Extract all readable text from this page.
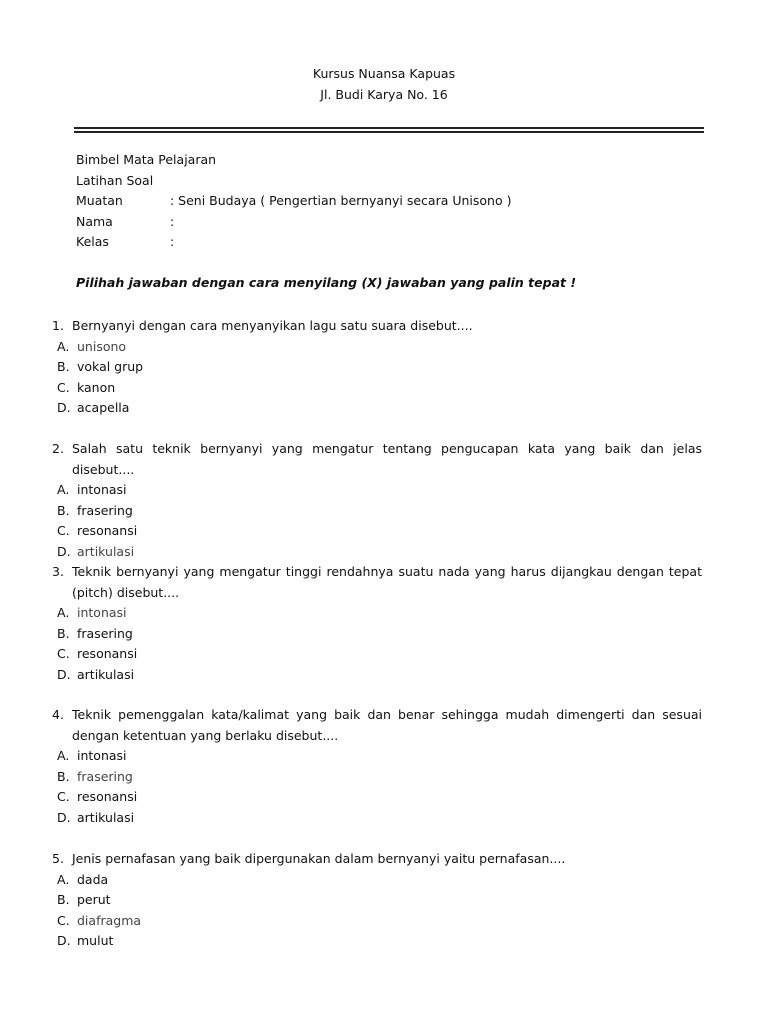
Kursus Nuansa Kapuas
Jl. Budi Karya No. 16
Bimbel Mata Pelajaran
Latihan Soal
Muatan	: Seni Budaya ( Pengertian bernyanyi secara Unisono )
Nama	:
Kelas	:
Pilihah jawaban dengan cara menyilang (X) jawaban yang palin tepat !
1. Bernyanyi dengan cara menyanyikan lagu satu suara disebut....
A. unisono
B. vokal grup
C. kanon
D. acapella
2. Salah satu teknik bernyanyi yang mengatur tentang pengucapan kata yang baik dan jelas disebut....
A. intonasi
B. frasering
C. resonansi
D. artikulasi
3. Teknik bernyanyi yang mengatur tinggi rendahnya suatu nada yang harus dijangkau dengan tepat (pitch) disebut....
A. intonasi
B. frasering
C. resonansi
D. artikulasi
4. Teknik pemenggalan kata/kalimat yang baik dan benar sehingga mudah dimengerti dan sesuai dengan ketentuan yang berlaku disebut....
A. intonasi
B. frasering
C. resonansi
D. artikulasi
5. Jenis pernafasan yang baik dipergunakan dalam bernyanyi yaitu pernafasan....
A. dada
B. perut
C. diafragma
D. mulut
